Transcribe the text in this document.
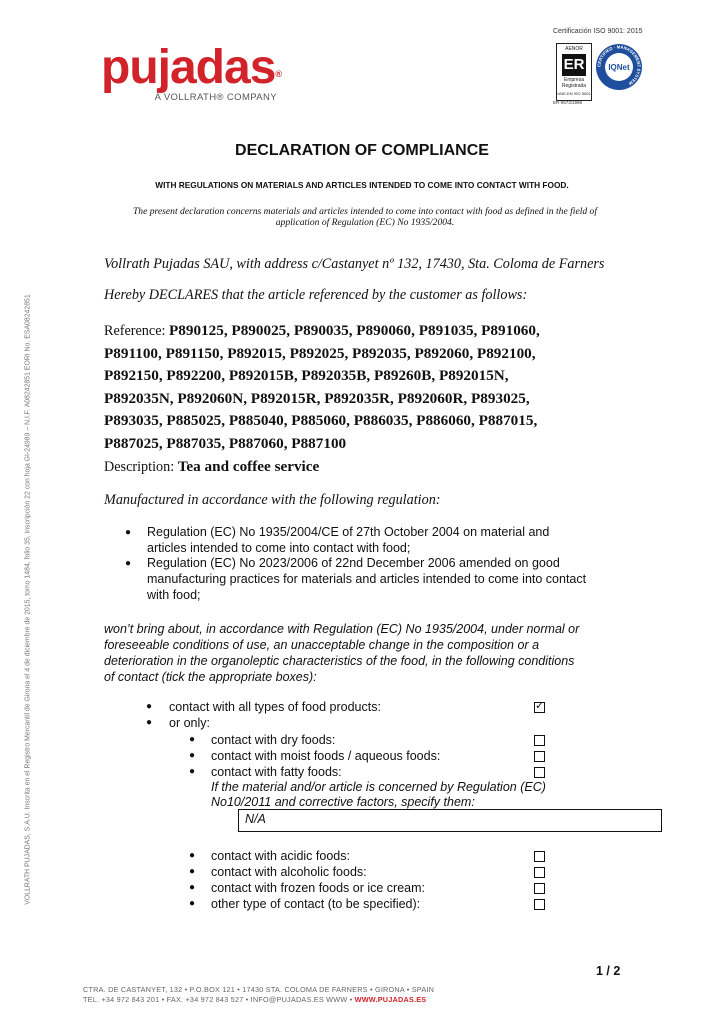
pujadas®
A VOLLRATH® COMPANY
Certificación ISO 9001: 2015
AENOR
ER
Empresa Registrada
UNE-EN ISO 9001
ER-0673/1998
CERTIFIED · MANAGEMENT SYSTEM
IQNet
DECLARATION OF COMPLIANCE
WITH REGULATIONS ON MATERIALS AND ARTICLES INTENDED TO COME INTO CONTACT WITH FOOD.
The present declaration concerns materials and articles intended to come into contact with food as defined in the field of application of Regulation (EC) No 1935/2004.
Vollrath Pujadas SAU, with address c/Castanyet nº 132, 17430, Sta. Coloma de Farners
Hereby DECLARES that the article referenced by the customer as follows:
Reference: P890125, P890025, P890035, P890060, P891035, P891060,
P891100, P891150, P892015, P892025, P892035, P892060, P892100,
P892150, P892200, P892015B, P892035B, P89260B, P892015N,
P892035N, P892060N, P892015R, P892035R, P892060R, P893025,
P893035, P885025, P885040, P885060, P886035, P886060, P887015,
P887025, P887035, P887060, P887100
Description: Tea and coffee service
Manufactured in accordance with the following regulation:
● Regulation (EC) No 1935/2004/CE of 27th October 2004 on material and
articles intended to come into contact with food;
● Regulation (EC) No 2023/2006 of 22nd December 2006 amended on good
manufacturing practices for materials and articles intended to come into contact
with food;
won’t bring about, in accordance with Regulation (EC) No 1935/2004, under normal or
foreseeable conditions of use, an unacceptable change in the composition or a
deterioration in the organoleptic characteristics of the food, in the following conditions
of contact (tick the appropriate boxes):
● contact with all types of food products:	✓
● or only:
● contact with dry foods:
● contact with moist foods / aqueous foods:
● contact with fatty foods:
If the material and/or article is concerned by Regulation (EC)
No10/2011 and corrective factors, specify them:
N/A
● contact with acidic foods:
● contact with alcoholic foods:
● contact with frozen foods or ice cream:
● other type of contact (to be specified):
1 / 2
CTRA. DE CASTANYET, 132 • P.O.BOX 121 • 17430 STA. COLOMA DE FARNERS • GIRONA • SPAIN
TEL. +34 972 843 201 • FAX. +34 972 843 527 • INFO@PUJADAS.ES WWW • WWW.PUJADAS.ES
VOLLRATH PUJADAS, S.A.U. Inscrita en el Registro Mercantil de Girona el 4 de diciembre de 2015, tomo 1484, folio 35, inscripción 22 con hoja GI-24989 – N.I.F. A08242851 EORI No. ESA08242851
